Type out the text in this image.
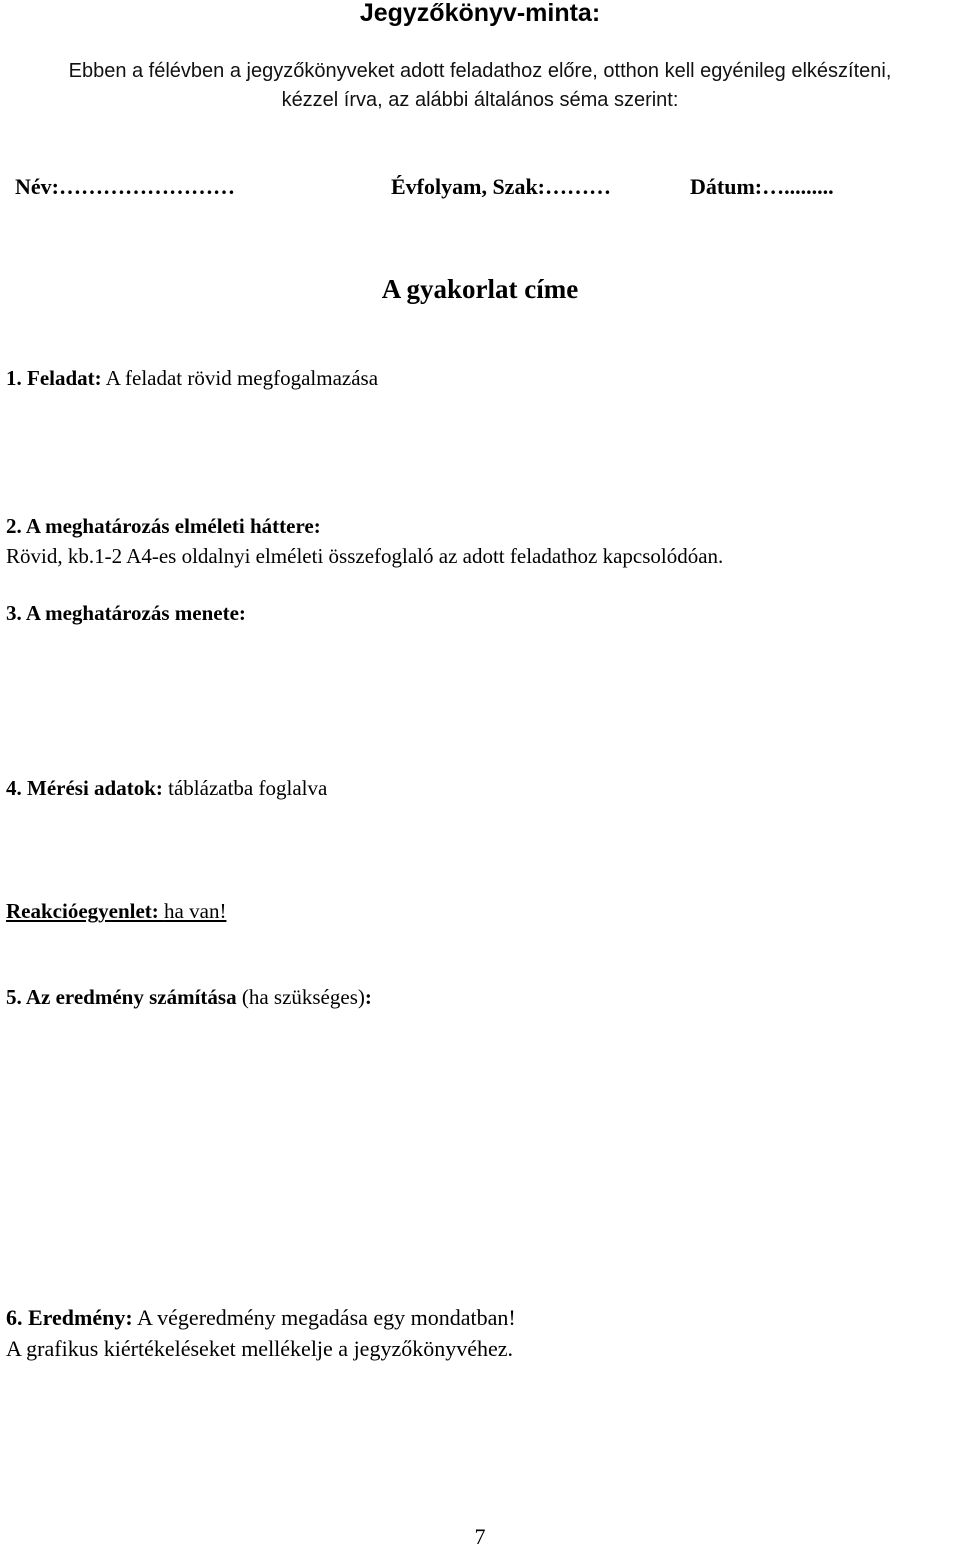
Jegyzőkönyv-minta:
Ebben a félévben a jegyzőkönyveket adott feladathoz előre, otthon kell egyénileg elkészíteni,
kézzel írva, az alábbi általános séma szerint:
Név:……………………	Évfolyam, Szak:………	Dátum:….........
A gyakorlat címe
1. Feladat: A feladat rövid megfogalmazása
2. A meghatározás elméleti háttere:
Rövid, kb.1-2 A4-es oldalnyi elméleti összefoglaló az adott feladathoz kapcsolódóan.
3. A meghatározás menete:
4. Mérési adatok: táblázatba foglalva
Reakcióegyenlet: ha van!
5. Az eredmény számítása (ha szükséges):
6. Eredmény: A végeredmény megadása egy mondatban!
A grafikus kiértékeléseket mellékelje a jegyzőkönyvéhez.
7
